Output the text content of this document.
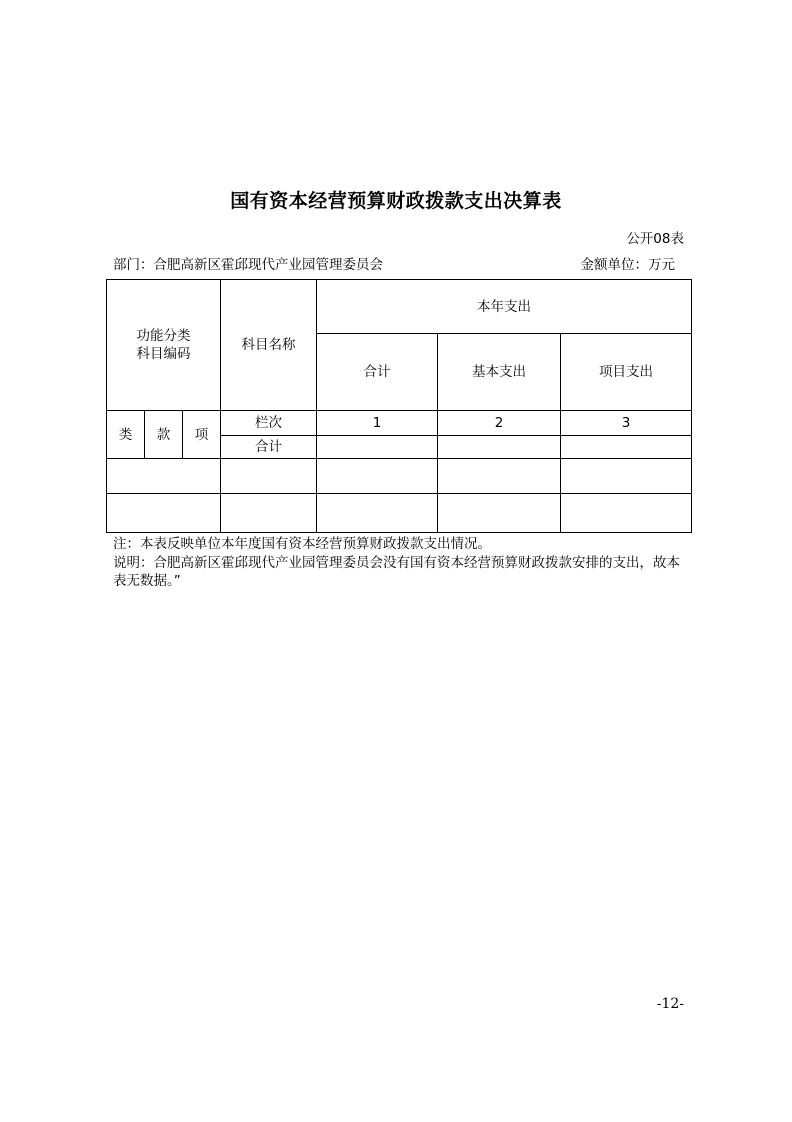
国有资本经营预算财政拨款支出决算表
公开08表
部门：合肥高新区霍邱现代产业园管理委员会	金额单位：万元
功能分类
科目编码			科目名称	本年支出		
				合计	基本支出	项目支出
类	款	项	栏次	1	2	3
			合计			

注：本表反映单位本年度国有资本经营预算财政拨款支出情况。

说明：合肥高新区霍邱现代产业园管理委员会没有国有资本经营预算财政拨款安排的支出，故本表无数据。”

-12-
